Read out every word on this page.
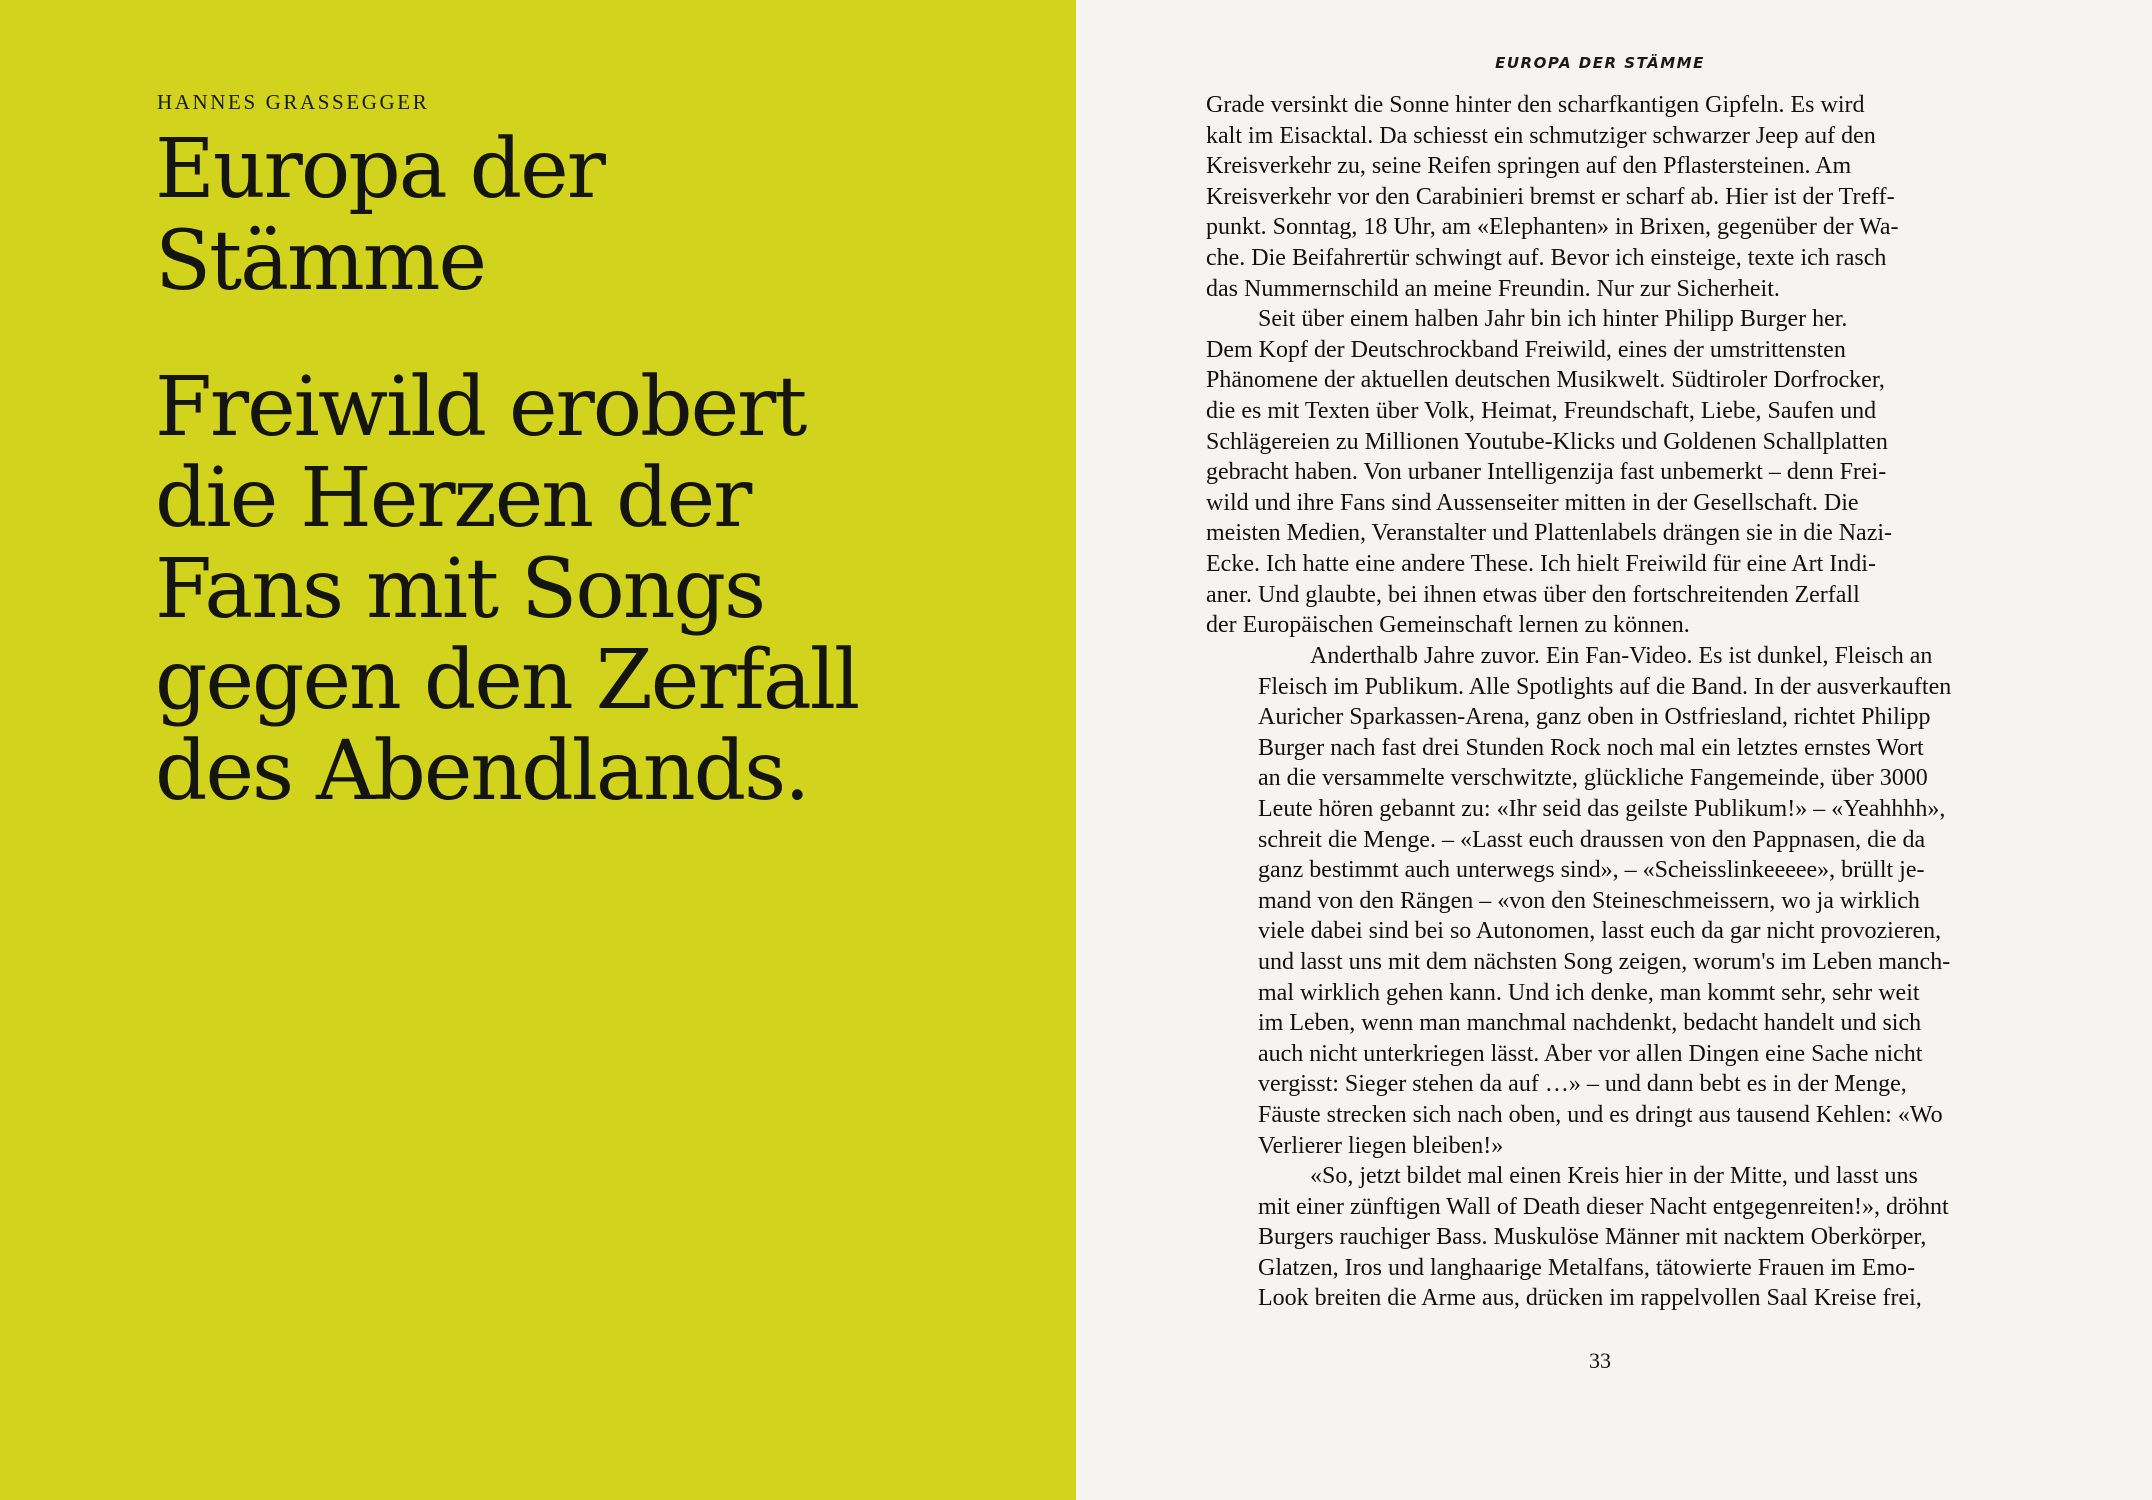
HANNES GRASSEGGER
Europa der
Stämme
Freiwild erobert
die Herzen der
Fans mit Songs
gegen den Zerfall
des Abendlands.
EUROPA DER STÄMME
Grade versinkt die Sonne hinter den scharfkantigen Gipfeln. Es wird
kalt im Eisacktal. Da schiesst ein schmutziger schwarzer Jeep auf den
Kreisverkehr zu, seine Reifen springen auf den Pflastersteinen. Am
Kreisverkehr vor den Carabinieri bremst er scharf ab. Hier ist der Treff-
punkt. Sonntag, 18 Uhr, am «Elephanten» in Brixen, gegenüber der Wa-
che. Die Beifahrertür schwingt auf. Bevor ich einsteige, texte ich rasch
das Nummernschild an meine Freundin. Nur zur Sicherheit.
Seit über einem halben Jahr bin ich hinter Philipp Burger her.
Dem Kopf der Deutschrockband Freiwild, eines der umstrittensten
Phänomene der aktuellen deutschen Musikwelt. Südtiroler Dorfrocker,
die es mit Texten über Volk, Heimat, Freundschaft, Liebe, Saufen und
Schlägereien zu Millionen Youtube-Klicks und Goldenen Schallplatten
gebracht haben. Von urbaner Intelligenzija fast unbemerkt – denn Frei-
wild und ihre Fans sind Aussenseiter mitten in der Gesellschaft. Die
meisten Medien, Veranstalter und Plattenlabels drängen sie in die Nazi-
Ecke. Ich hatte eine andere These. Ich hielt Freiwild für eine Art Indi-
aner. Und glaubte, bei ihnen etwas über den fortschreitenden Zerfall
der Europäischen Gemeinschaft lernen zu können.
Anderthalb Jahre zuvor. Ein Fan-Video. Es ist dunkel, Fleisch an
Fleisch im Publikum. Alle Spotlights auf die Band. In der ausverkauften
Auricher Sparkassen-Arena, ganz oben in Ostfriesland, richtet Philipp
Burger nach fast drei Stunden Rock noch mal ein letztes ernstes Wort
an die versammelte verschwitzte, glückliche Fangemeinde, über 3000
Leute hören gebannt zu: «Ihr seid das geilste Publikum!» – «Yeahhhh»,
schreit die Menge. – «Lasst euch draussen von den Pappnasen, die da
ganz bestimmt auch unterwegs sind», – «Scheisslinkeeeee», brüllt je-
mand von den Rängen – «von den Steineschmeissern, wo ja wirklich
viele dabei sind bei so Autonomen, lasst euch da gar nicht provozieren,
und lasst uns mit dem nächsten Song zeigen, worum's im Leben manch-
mal wirklich gehen kann. Und ich denke, man kommt sehr, sehr weit
im Leben, wenn man manchmal nachdenkt, bedacht handelt und sich
auch nicht unterkriegen lässt. Aber vor allen Dingen eine Sache nicht
vergisst: Sieger stehen da auf …» – und dann bebt es in der Menge,
Fäuste strecken sich nach oben, und es dringt aus tausend Kehlen: «Wo
Verlierer liegen bleiben!»
«So, jetzt bildet mal einen Kreis hier in der Mitte, und lasst uns
mit einer zünftigen Wall of Death dieser Nacht entgegenreiten!», dröhnt
Burgers rauchiger Bass. Muskulöse Männer mit nacktem Oberkörper,
Glatzen, Iros und langhaarige Metalfans, tätowierte Frauen im Emo-
Look breiten die Arme aus, drücken im rappelvollen Saal Kreise frei,
33
